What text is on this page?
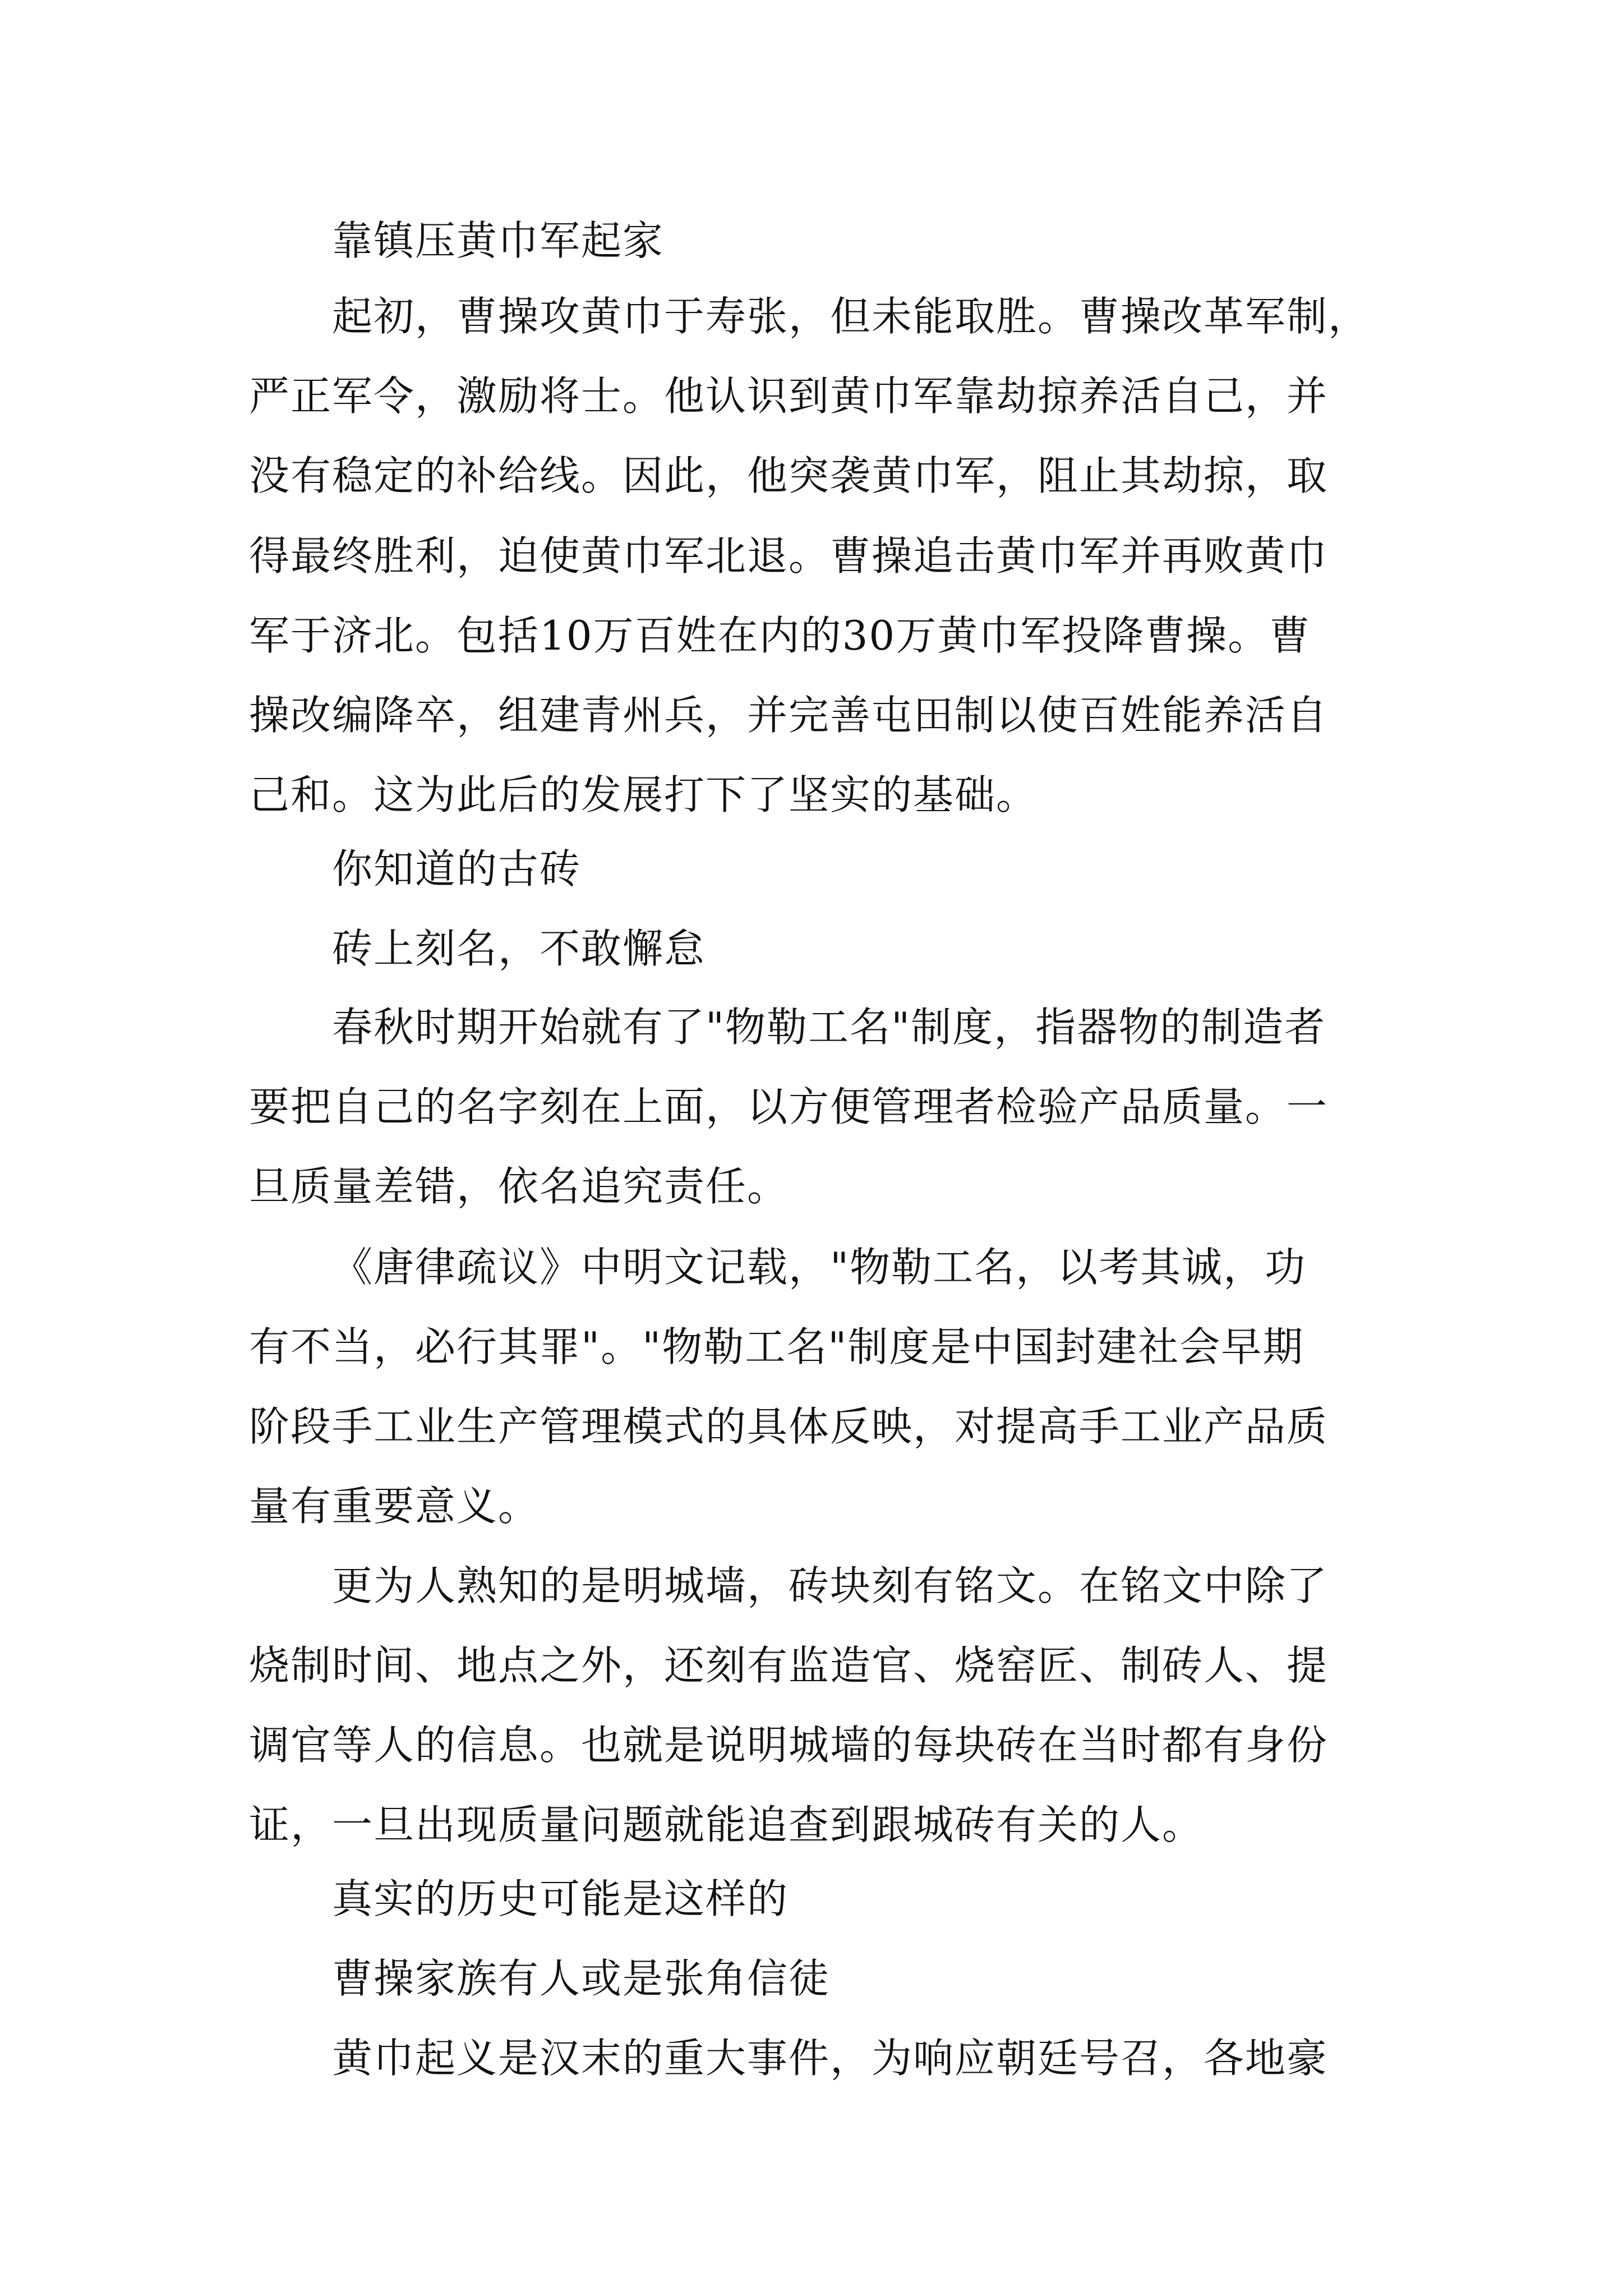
靠镇压黄巾军起家
起初，曹操攻黄巾于寿张，但未能取胜。曹操改革军制，
严正军令，激励将士。他认识到黄巾军靠劫掠养活自己，并
没有稳定的补给线。因此，他突袭黄巾军，阻止其劫掠，取
得最终胜利，迫使黄巾军北退。曹操追击黄巾军并再败黄巾
军于济北。包括10万百姓在内的30万黄巾军投降曹操。曹
操改编降卒，组建青州兵，并完善屯田制以使百姓能养活自
己和。这为此后的发展打下了坚实的基础。
你知道的古砖
砖上刻名，不敢懈怠
春秋时期开始就有了"物勒工名"制度，指器物的制造者
要把自己的名字刻在上面，以方便管理者检验产品质量。一
旦质量差错，依名追究责任。
《唐律疏议》中明文记载，"物勒工名，以考其诚，功
有不当，必行其罪"。"物勒工名"制度是中国封建社会早期
阶段手工业生产管理模式的具体反映，对提高手工业产品质
量有重要意义。
更为人熟知的是明城墙，砖块刻有铭文。在铭文中除了
烧制时间、地点之外，还刻有监造官、烧窑匠、制砖人、提
调官等人的信息。也就是说明城墙的每块砖在当时都有身份
证，一旦出现质量问题就能追查到跟城砖有关的人。
真实的历史可能是这样的
曹操家族有人或是张角信徒
黄巾起义是汉末的重大事件，为响应朝廷号召，各地豪
